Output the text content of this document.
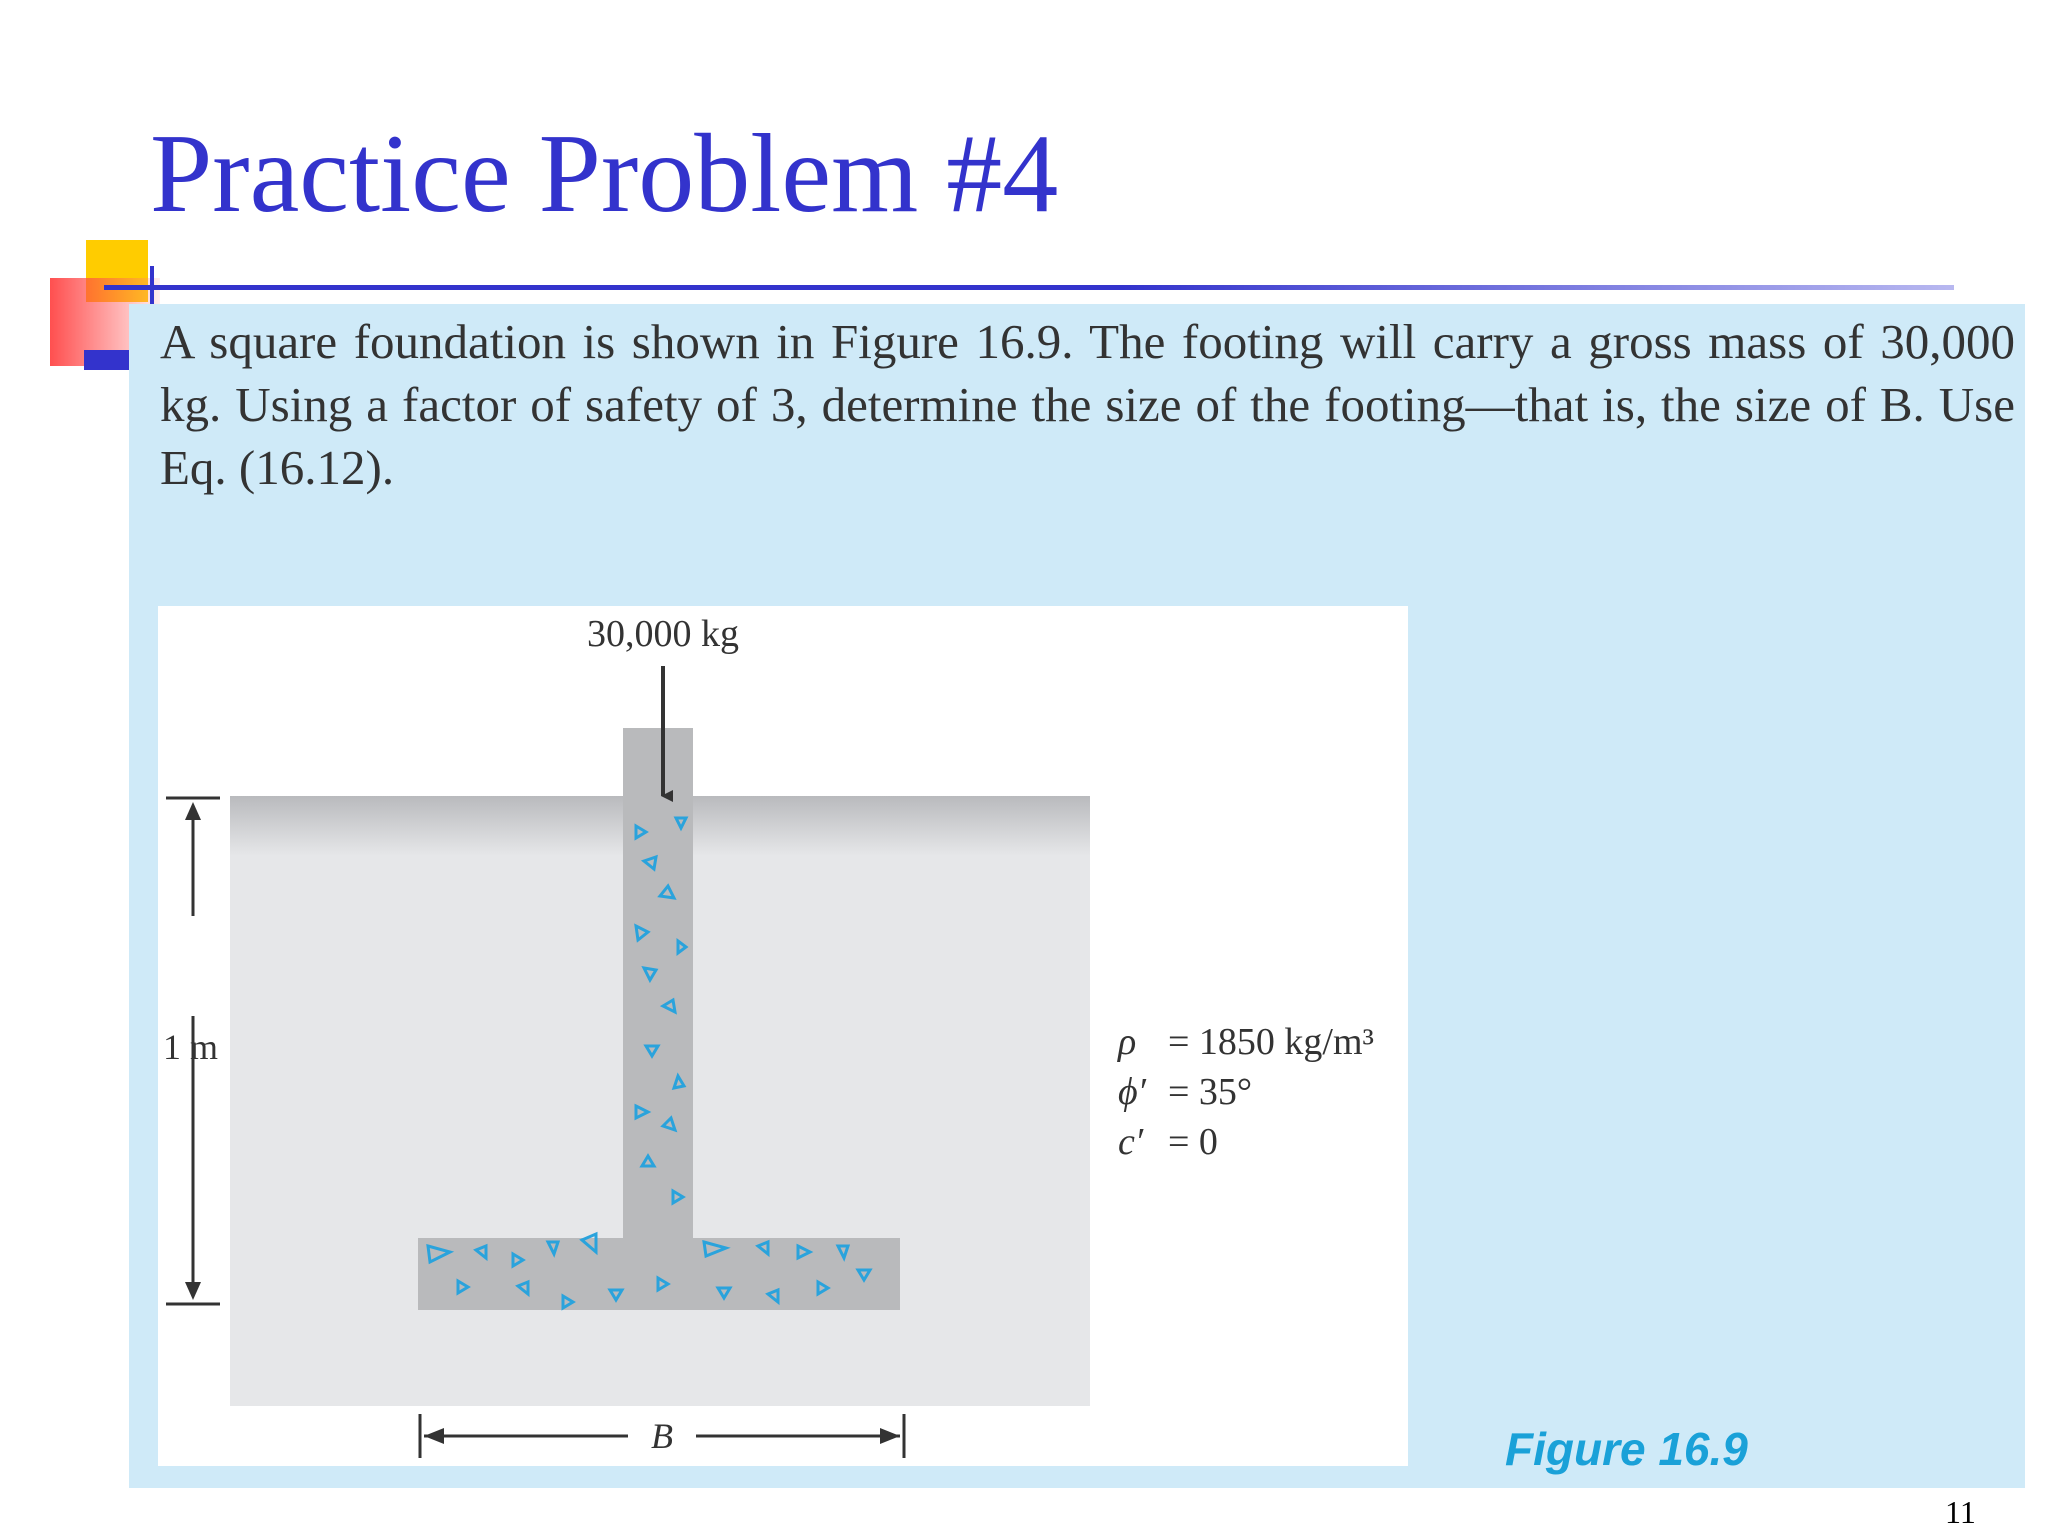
Practice Problem #4
A square foundation is shown in Figure 16.9. The footing will carry a gross mass of 30,000 kg. Using a factor of safety of 3, determine the size of the footing—that is, the size of B. Use Eq. (16.12).
30,000 kg
1 m
B
ρ = 1850 kg/m³
ϕ′ = 35°
c′ = 0
Figure 16.9
11
